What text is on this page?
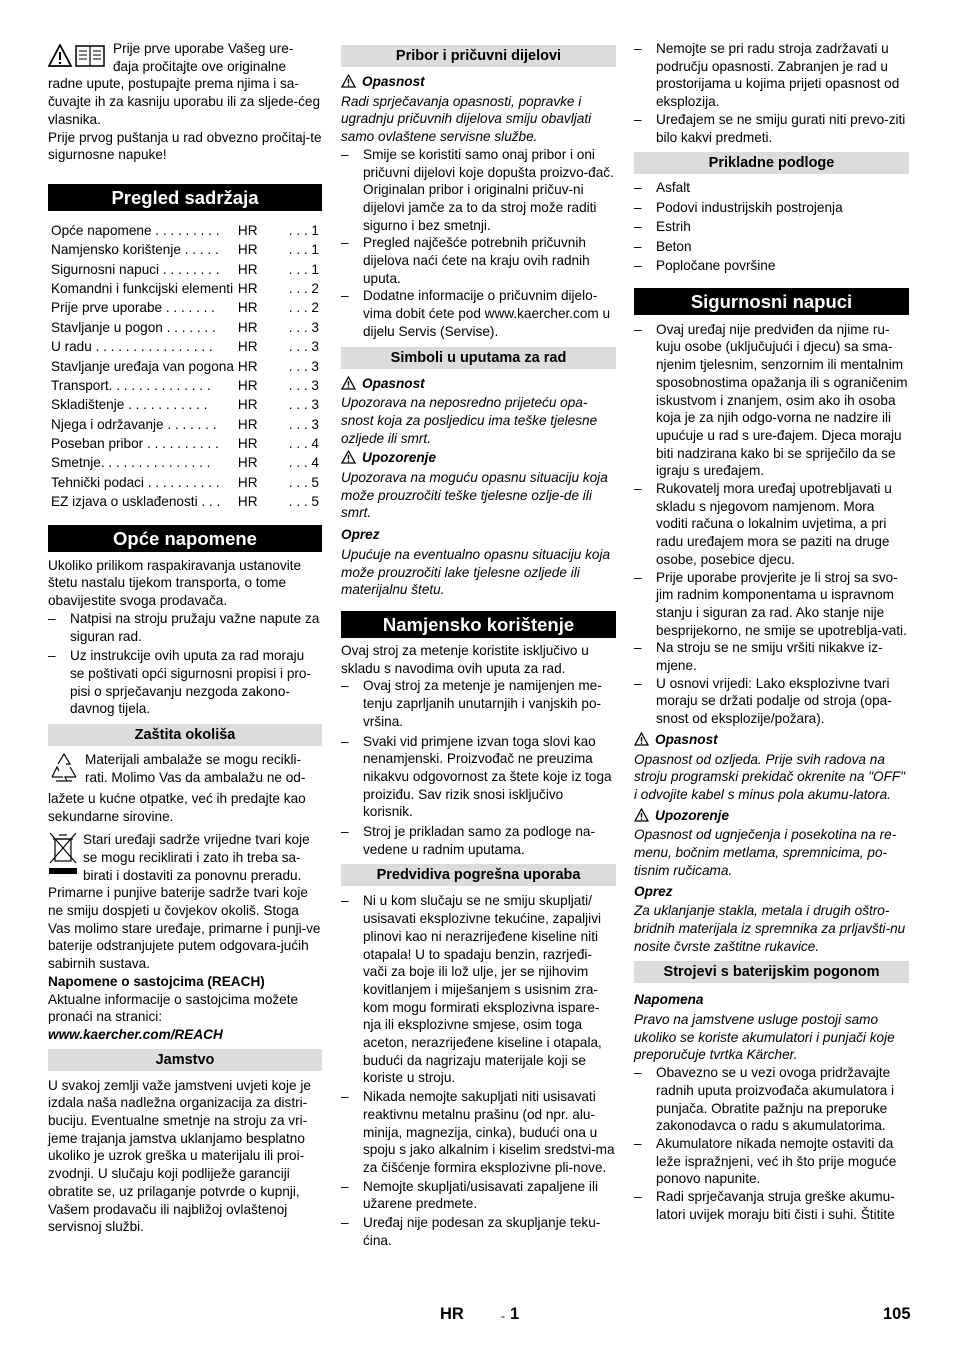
Prije prve uporabe Vašeg ure-

đaja pročitajte ove originalne

radne upute, postupajte prema njima i sa-čuvajte ih za kasniju uporabu ili za sljede-ćeg vlasnika.

Prije prvog puštanja u rad obvezno pročitaj-te sigurnosne napuke!

Pregled sadržaja
Opće napomene . . . . . . . . .	HR	. . . 1
Namjensko korištenje . . . . .	HR	. . . 1
Sigurnosni napuci . . . . . . . .	HR	. . . 1
Komandni i funkcijski elementi	HR	. . . 2
Prije prve uporabe . . . . . . .	HR	. . . 2
Stavljanje u pogon . . . . . . .	HR	. . . 3
U radu . . . . . . . . . . . . . . . .	HR	. . . 3
Stavljanje uređaja van pogona	HR	. . . 3
Transport. . . . . . . . . . . . . .	HR	. . . 3
Skladištenje . . . . . . . . . . .	HR	. . . 3
Njega i održavanje . . . . . . .	HR	. . . 3
Poseban pribor . . . . . . . . . .	HR	. . . 4
Smetnje. . . . . . . . . . . . . . .	HR	. . . 4
Tehnički podaci . . . . . . . . . .	HR	. . . 5
EZ izjava o usklađenosti . . .	HR	. . . 5
Opće napomene

Ukoliko prilikom raspakiravanja ustanovite štetu nastalu tijekom transporta, o tome obavijestite svoga prodavača.

– Natpisi na stroju pružaju važne napute za siguran rad.
– Uz instrukcije ovih uputa za rad moraju se poštivati opći sigurnosni propisi i pro-pisi o sprječavanju nezgoda zakono-davnog tijela.
Zaštita okoliša

Materijali ambalaže se mogu recikli-

rati. Molimo Vas da ambalažu ne od-

lažete u kućne otpatke, već ih predajte kao sekundarne sirovine.

Stari uređaji sadrže vrijedne tvari koje

se mogu reciklirati i zato ih treba sa-

birati i dostaviti za ponovnu preradu.

Primarne i punjive baterije sadrže tvari koje ne smiju dospjeti u čovjekov okoliš. Stoga Vas molimo stare uređaje, primarne i punji-ve baterije odstranjujete putem odgovara-jućih sabirnih sustava.

Napomene o sastojcima (REACH)

Aktualne informacije o sastojcima možete pronaći na stranici:

www.kaercher.com/REACH

Jamstvo

U svakoj zemlji važe jamstveni uvjeti koje je izdala naša nadležna organizacija za distri-buciju. Eventualne smetnje na stroju za vri-jeme trajanja jamstva uklanjamo besplatno ukoliko je uzrok greška u materijalu ili proi-zvodnji. U slučaju koji podliježe garanciji obratite se, uz prilaganje potvrde o kupnji, Vašem prodavaču ili najbližoj ovlaštenoj servisnoj službi.

Pribor i pričuvni dijelovi

Opasnost

Radi sprječavanja opasnosti, popravke i ugradnju pričuvnih dijelova smiju obavljati samo ovlaštene servisne službe.

– Smije se koristiti samo onaj pribor i oni pričuvni dijelovi koje dopušta proizvo-đač. Originalan pribor i originalni pričuv-ni dijelovi jamče za to da stroj može raditi sigurno i bez smetnji.
– Pregled najčešće potrebnih pričuvnih dijelova naći ćete na kraju ovih radnih uputa.
– Dodatne informacije o pričuvnim dijelo-vima dobit ćete pod www.kaercher.com u dijelu Servis (Servise).
Simboli u uputama za rad

Opasnost

Upozorava na neposredno prijeteću opa-snost koja za posljedicu ima teške tjelesne ozljede ili smrt.

Upozorenje

Upozorava na moguću opasnu situaciju koja može prouzročiti teške tjelesne ozlje-de ili smrt.

Oprez

Upućuje na eventualno opasnu situaciju koja može prouzročiti lake tjelesne ozljede ili materijalnu štetu.

Namjensko korištenje

Ovaj stroj za metenje koristite isključivo u skladu s navodima ovih uputa za rad.

– Ovaj stroj za metenje je namijenjen me-tenju zaprljanih unutarnjih i vanjskih po-vršina.
– Svaki vid primjene izvan toga slovi kao nenamjenski. Proizvođač ne preuzima nikakvu odgovornost za štete koje iz toga proiziđu. Sav rizik snosi isključivo korisnik.
– Stroj je prikladan samo za podloge na-vedene u radnim uputama.
Predvidiva pogrešna uporaba
– Ni u kom slučaju se ne smiju skupljati/ usisavati eksplozivne tekućine, zapaljivi plinovi kao ni nerazrijeđene kiseline niti otapala! U to spadaju benzin, razrjeđi-vači za boje ili lož ulje, jer se njihovim kovitlanjem i miješanjem s usisnim zra-kom mogu formirati eksplozivna ispare-nja ili eksplozivne smjese, osim toga aceton, nerazrijeđene kiseline i otapala, budući da nagrizaju materijale koji se koriste u stroju.
– Nikada nemojte sakupljati niti usisavati reaktivnu metalnu prašinu (od npr. alu-minija, magnezija, cinka), budući ona u spoju s jako alkalnim i kiselim sredstvi-ma za čišćenje formira eksplozivne pli-nove.
– Nemojte skupljati/usisavati zapaljene ili užarene predmete.
– Uređaj nije podesan za skupljanje teku-ćina.
– Nemojte se pri radu stroja zadržavati u području opasnosti. Zabranjen je rad u prostorijama u kojima prijeti opasnost od eksplozija.
– Uređajem se ne smiju gurati niti prevo-ziti bilo kakvi predmeti.
Prikladne podloge
– Asfalt
– Podovi industrijskih postrojenja
– Estrih
– Beton
– Popločane površine
Sigurnosni napuci
– Ovaj uređaj nije predviđen da njime ru-kuju osobe (uključujući i djecu) sa sma-njenim tjelesnim, senzornim ili mentalnim sposobnostima opažanja ili s ograničenim iskustvom i znanjem, osim ako ih osoba koja je za njih odgo-vorna ne nadzire ili upućuje u rad s ure-đajem. Djeca moraju biti nadzirana kako bi se spriječilo da se igraju s uređajem.
– Rukovatelj mora uređaj upotrebljavati u skladu s njegovom namjenom. Mora voditi računa o lokalnim uvjetima, a pri radu uređajem mora se paziti na druge osobe, posebice djecu.
– Prije uporabe provjerite je li stroj sa svo-jim radnim komponentama u ispravnom stanju i siguran za rad. Ako stanje nije besprijekorno, ne smije se upotreblja-vati.
– Na stroju se ne smiju vršiti nikakve iz-mjene.
– U osnovi vrijedi: Lako eksplozivne tvari moraju se držati podalje od stroja (opa-snost od eksplozije/požara).

Opasnost

Opasnost od ozljeda. Prije svih radova na stroju programski prekidač okrenite na "OFF" i odvojite kabel s minus pola akumu-latora.

Upozorenje

Opasnost od ugnječenja i posekotina na re-menu, bočnim metlama, spremnicima, po-tisnim ručicama.

Oprez

Za uklanjanje stakla, metala i drugih oštro-bridnih materijala iz spremnika za prljavšti-nu nosite čvrste zaštitne rukavice.

Strojevi s baterijskim pogonom

Napomena

Pravo na jamstvene usluge postoji samo ukoliko se koriste akumulatori i punjači koje preporučuje tvrtka Kärcher.

– Obavezno se u vezi ovoga pridržavajte radnih uputa proizvođača akumulatora i punjača. Obratite pažnju na preporuke zakonodavca o radu s akumulatorima.
– Akumulatore nikada nemojte ostaviti da leže ispražnjeni, već ih što prije moguće ponovo napunite.
– Radi sprječavanja struja greške akumu-latori uvijek moraju biti čisti i suhi. Štitite
HR	- 1	105
